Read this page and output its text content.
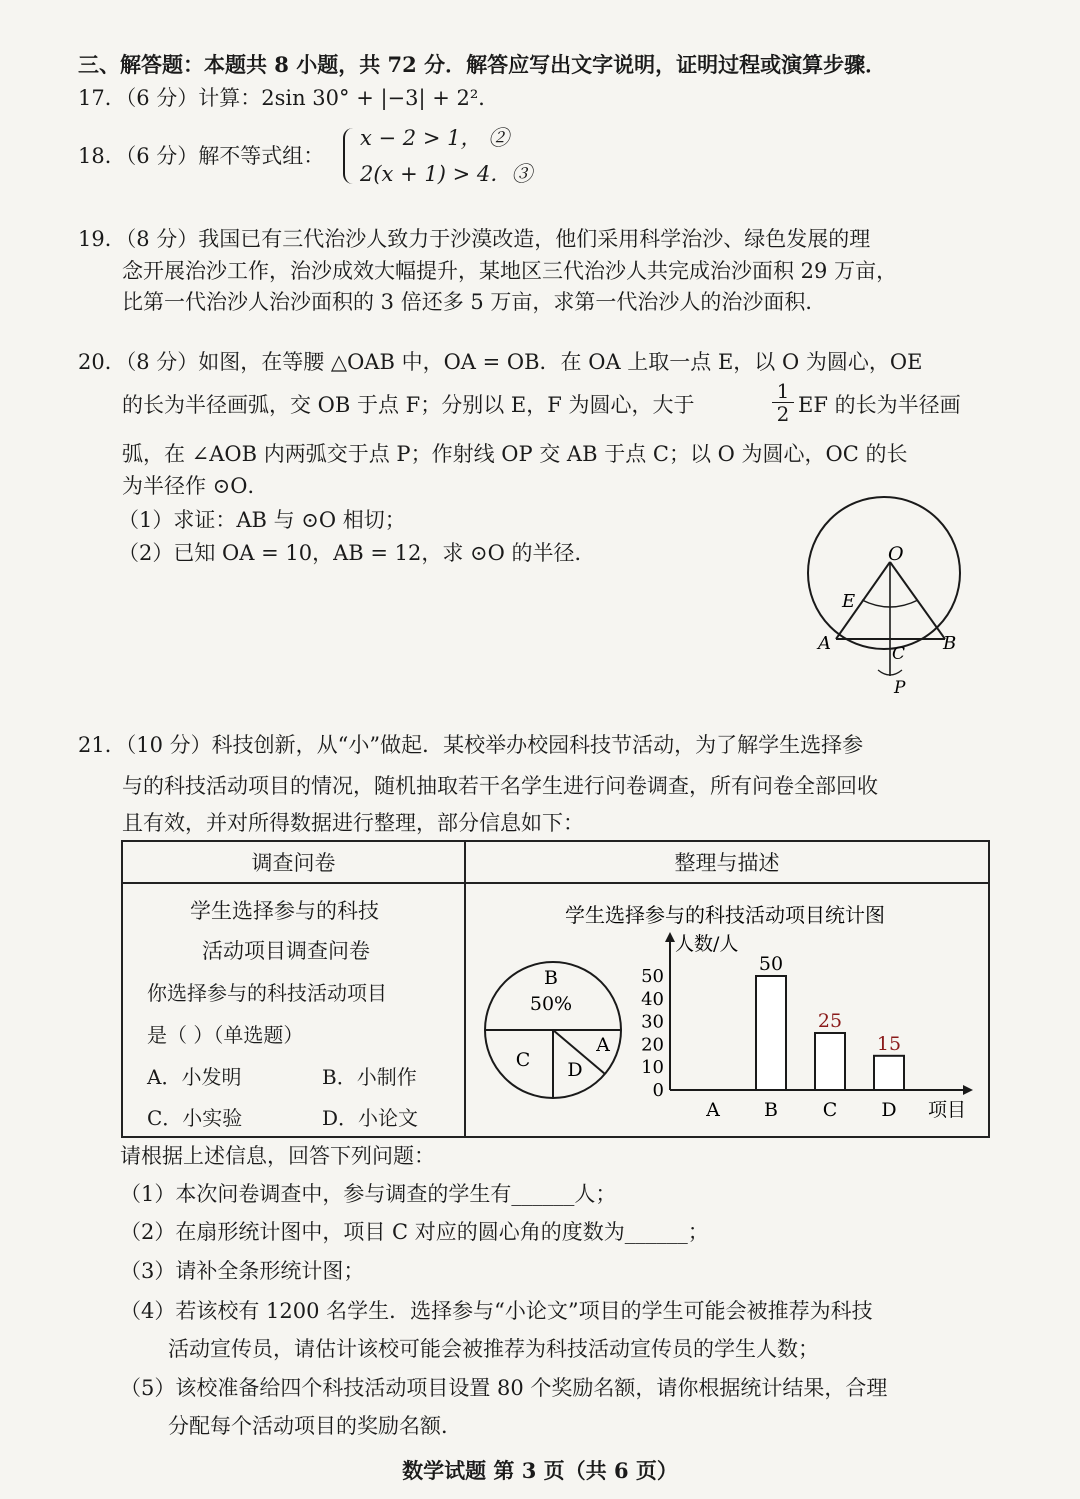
三、解答题：本题共 8 小题，共 72 分．解答应写出文字说明，证明过程或演算步骤．
17．（6 分）计算：2sin 30° + |−3| + 2²．
18．（6 分）解不等式组：
x − 2 > 1， ②
2(x + 1) > 4．③
19．（8 分）我国已有三代治沙人致力于沙漠改造，他们采用科学治沙、绿色发展的理
念开展治沙工作，治沙成效大幅提升，某地区三代治沙人共完成治沙面积 29 万亩，
比第一代治沙人治沙面积的 3 倍还多 5 万亩，求第一代治沙人的治沙面积．
20．（8 分）如图，在等腰 △OAB 中，OA = OB．在 OA 上取一点 E，以 O 为圆心，OE
的长为半径画弧，交 OB 于点 F；分别以 E，F 为圆心，大于	$\frac{1}{2}$ EF 的长为半径画
弧，在 ∠AOB 内两弧交于点 P；作射线 OP 交 AB 于点 C；以 O 为圆心，OC 的长
为半径作 ⊙O．
（1）求证：AB 与 ⊙O 相切；
（2）已知 OA = 10，AB = 12，求 ⊙O 的半径．	O
E
A	B
C
P
21．（10 分）科技创新，从“小”做起．某校举办校园科技节活动，为了解学生选择参
与的科技活动项目的情况，随机抽取若干名学生进行问卷调查，所有问卷全部回收
且有效，并对所得数据进行整理，部分信息如下：
调查问卷	整理与描述

学生选择参与的科技
活动项目调查问卷
你选择参与的科技活动项目
是（ ）（单选题）
A．小发明	B．小制作
C．小实验	D．小论文
学生选择参与的科技活动项目统计图
B
50%
C D
A
人数/人
项目
0
10
20
30
40
50
A
50
B
25
C
15
D
请根据上述信息，回答下列问题：
（1）本次问卷调查中，参与调查的学生有______人；
（2）在扇形统计图中，项目 C 对应的圆心角的度数为______；
（3）请补全条形统计图；
（4）若该校有 1200 名学生．选择参与“小论文”项目的学生可能会被推荐为科技
活动宣传员，请估计该校可能会被推荐为科技活动宣传员的学生人数；
（5）该校准备给四个科技活动项目设置 80 个奖励名额，请你根据统计结果，合理
分配每个活动项目的奖励名额．
数学试题 第 3 页（共 6 页）
